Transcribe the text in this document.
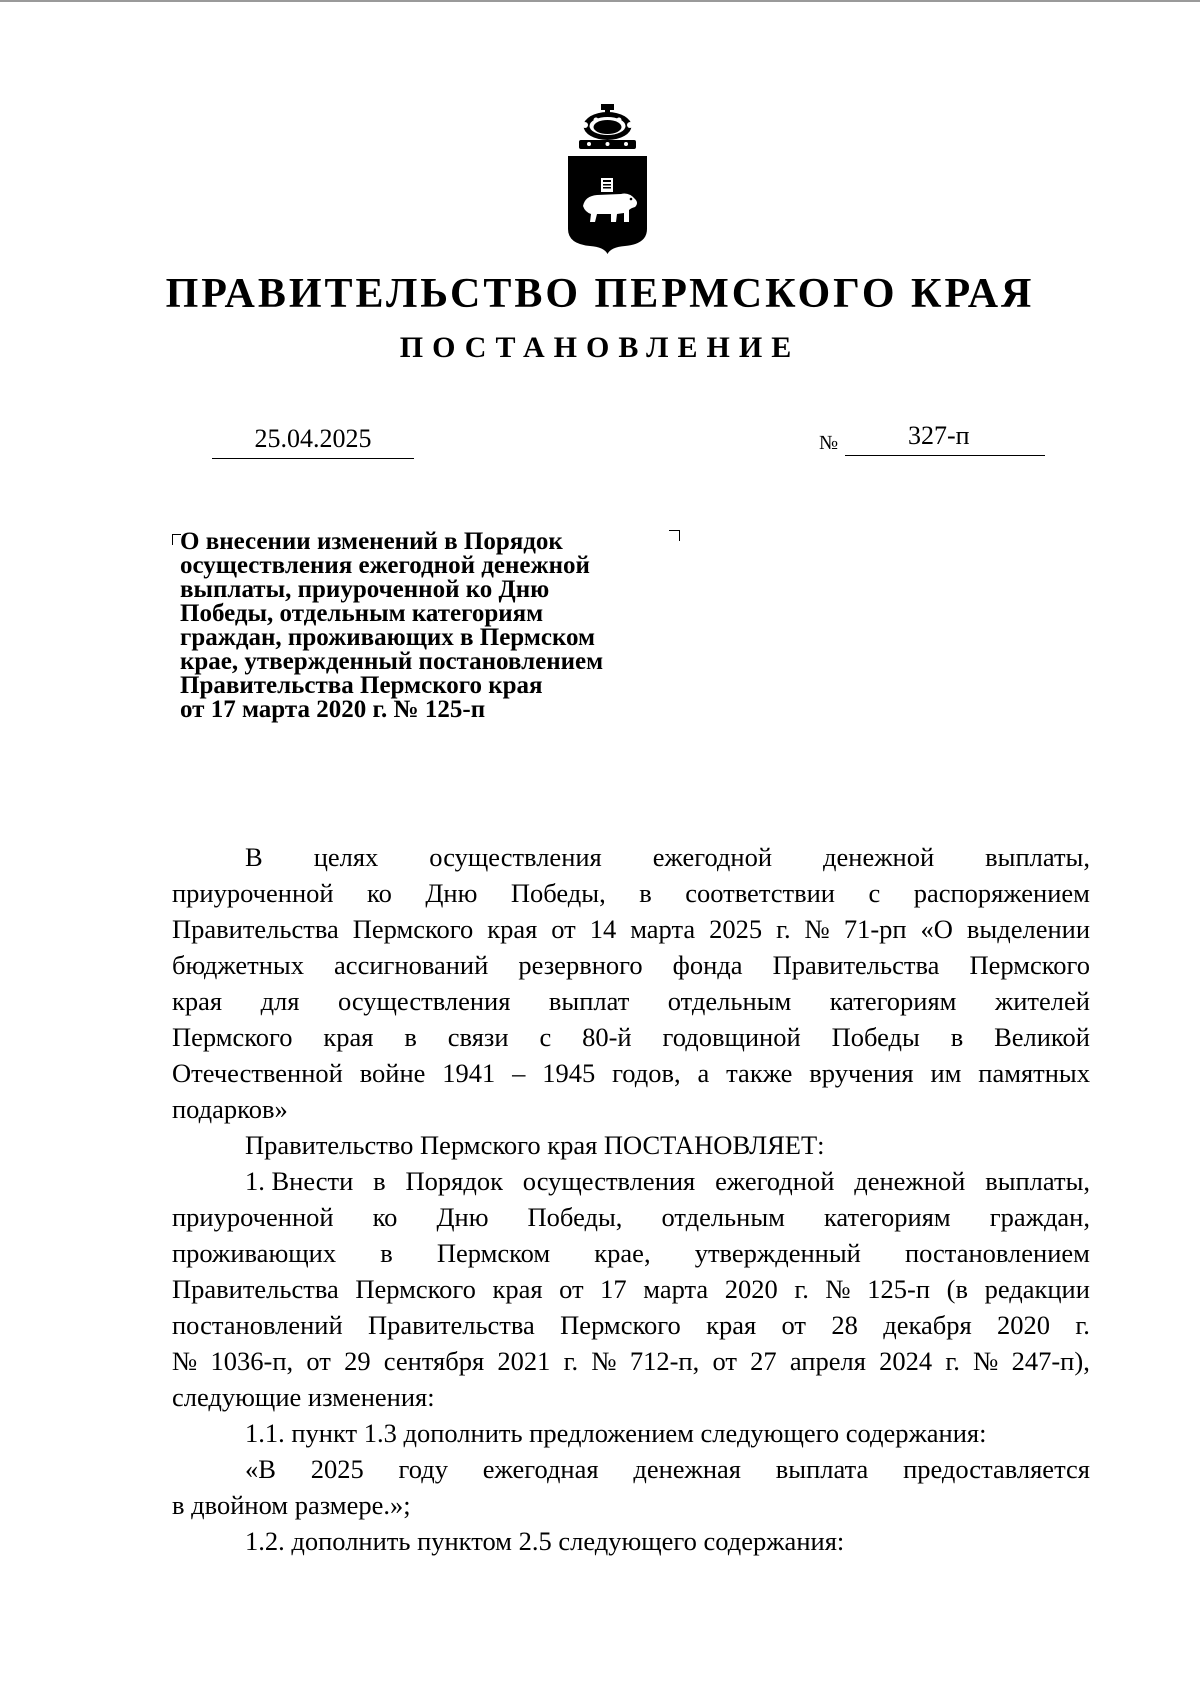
ПРАВИТЕЛЬСТВО ПЕРМСКОГО КРАЯ
ПОСТАНОВЛЕНИЕ
25.04.2025	№	327-п
О внесении изменений в Порядок
осуществления ежегодной денежной
выплаты, приуроченной ко Дню
Победы, отдельным категориям
граждан, проживающих в Пермском
крае, утвержденный постановлением
Правительства Пермского края
от 17 марта 2020 г. № 125-п
В целях осуществления ежегодной денежной выплаты,
приуроченной ко Дню Победы, в соответствии с распоряжением
Правительства Пермского края от 14 марта 2025 г. № 71-рп «О выделении
бюджетных ассигнований резервного фонда Правительства Пермского
края для осуществления выплат отдельным категориям жителей
Пермского края в связи с 80-й годовщиной Победы в Великой
Отечественной войне 1941 – 1945 годов, а также вручения им памятных
подарков»
Правительство Пермского края ПОСТАНОВЛЯЕТ:
1. Внести в Порядок осуществления ежегодной денежной выплаты,
приуроченной ко Дню Победы, отдельным категориям граждан,
проживающих в Пермском крае, утвержденный постановлением
Правительства Пермского края от 17 марта 2020 г. № 125-п (в редакции
постановлений Правительства Пермского края от 28 декабря 2020 г.
№ 1036-п, от 29 сентября 2021 г. № 712-п, от 27 апреля 2024 г. № 247-п),
следующие изменения:
1.1. пункт 1.3 дополнить предложением следующего содержания:
«В 2025 году ежегодная денежная выплата предоставляется
в двойном размере.»;
1.2. дополнить пунктом 2.5 следующего содержания:
